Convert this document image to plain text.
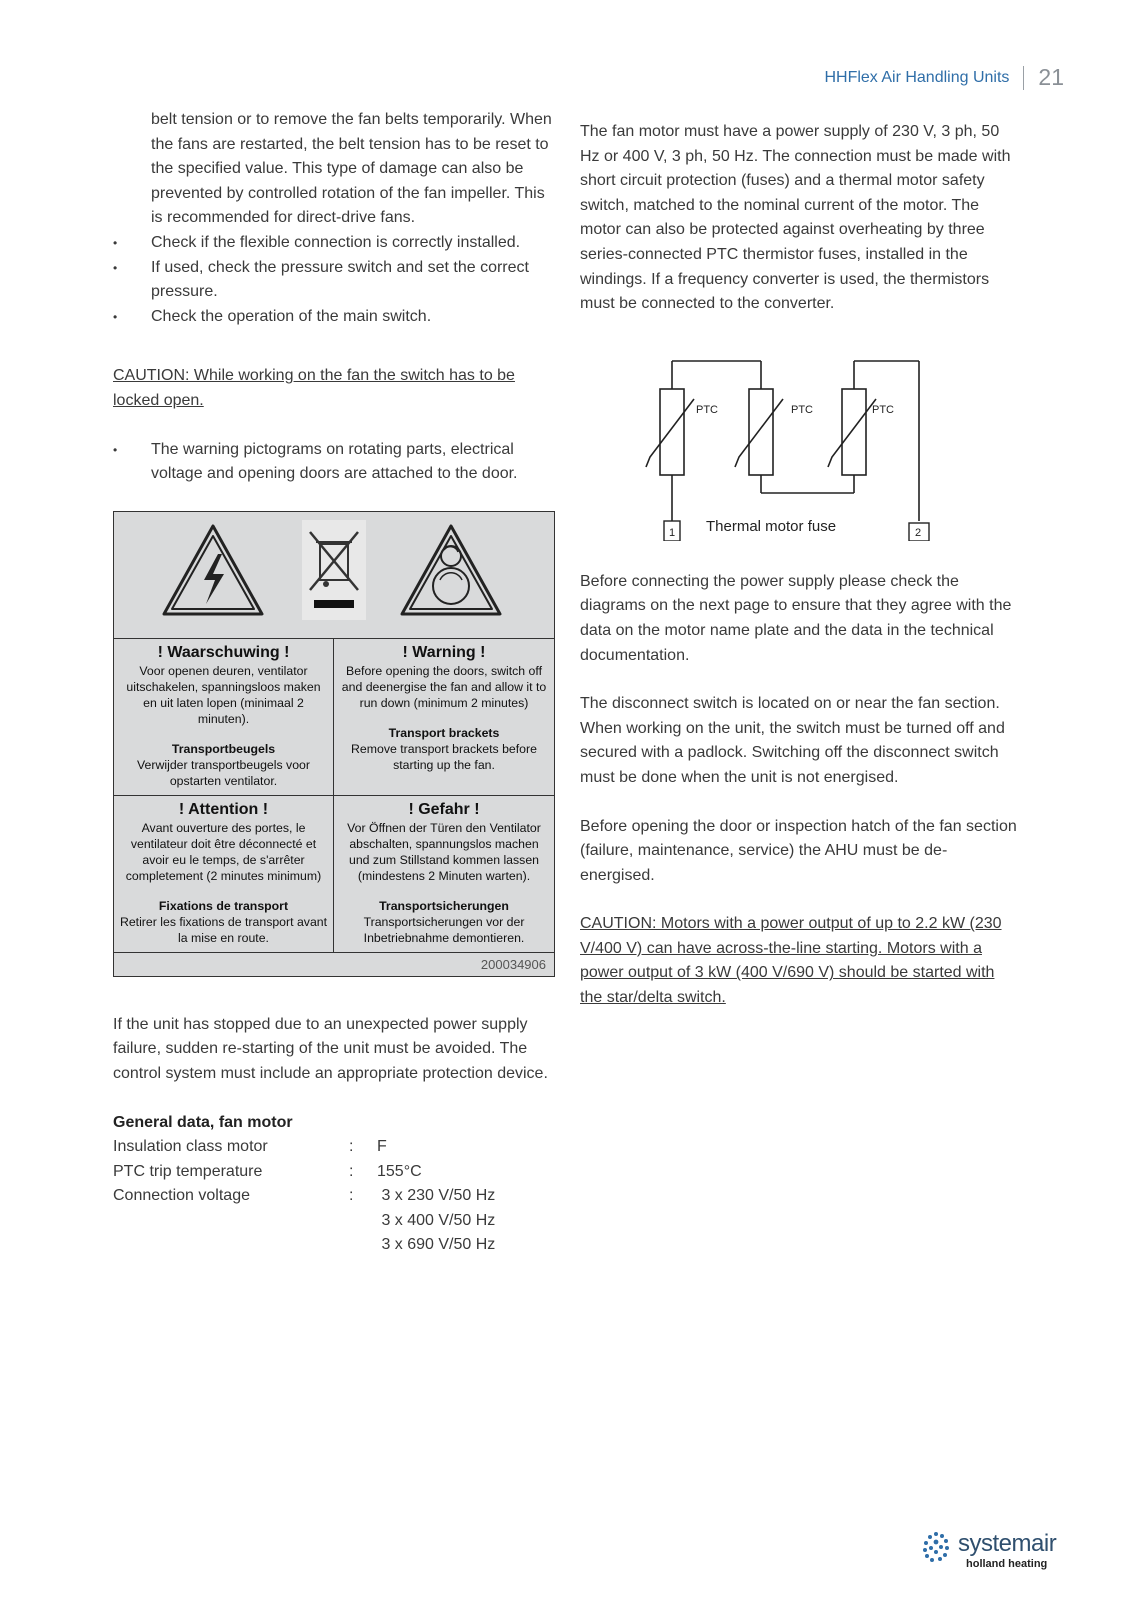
HHFlex Air Handling Units 21

belt tension or to remove the fan belts temporarily. When the fans are restarted, the belt tension has to be reset to the specified value. This type of damage can also be prevented by controlled rotation of the fan impeller. This is recommended for direct-drive fans.

• Check if the flexible connection is correctly installed.
• If used, check the pressure switch and set the correct pressure.
• Check the operation of the main switch.

CAUTION: While working on the fan the switch has to be locked open.

• The warning pictograms on rotating parts, electrical voltage and opening doors are attached to the door.
! Waarschuwing !
Voor openen deuren, ventilator uitschakelen, spanningsloos maken en uit laten lopen (minimaal 2 minuten).
Transportbeugels
Verwijder transportbeugels voor opstarten ventilator.
! Warning !
Before opening the doors, switch off and deenergise the fan and allow it to run down (minimum 2 minutes)
Transport brackets
Remove transport brackets before starting up the fan.
! Attention !
Avant ouverture des portes, le ventilateur doit être déconnecté et avoir eu le temps, de s'arrêter completement (2 minutes minimum)
Fixations de transport
Retirer les fixations de transport avant la mise en route.
! Gefahr !
Vor Öffnen der Türen den Ventilator abschalten, spannungslos machen und zum Stillstand kommen lassen (mindestens 2 Minuten warten).
Transportsicherungen
Transportsicherungen vor der Inbetriebnahme demontieren.
200034906

If the unit has stopped due to an unexpected power supply failure, sudden re-starting of the unit must be avoided. The control system must include an appropriate protection device.

General data, fan motor

Insulation class motor	:	F
PTC trip temperature	:	155°C
Connection voltage	:	3 x 230 V/50 Hz
3 x 400 V/50 Hz
3 x 690 V/50 Hz

The fan motor must have a power supply of 230 V, 3 ph, 50 Hz or 400 V, 3 ph, 50 Hz. The connection must be made with short circuit protection (fuses) and a thermal motor safety switch, matched to the nominal current of the motor. The motor can also be protected against overheating by three series-connected PTC thermistor fuses, installed in the windings. If a frequency converter is used, the thermistors must be connected to the converter.

PTC	PTC	PTC
1	2
Thermal motor fuse

Before connecting the power supply please check the diagrams on the next page to ensure that they agree with the data on the motor name plate and the data in the technical documentation.

The disconnect switch is located on or near the fan section. When working on the unit, the switch must be turned off and secured with a padlock. Switching off the disconnect switch must be done when the unit is not energised.

Before opening the door or inspection hatch of the fan section (failure, maintenance, service) the AHU must be de-energised.

CAUTION: Motors with a power output of up to 2.2 kW (230 V/400 V) can have across-the-line starting. Motors with a power output of 3 kW (400 V/690 V) should be started with the star/delta switch.

systemair
holland heating
